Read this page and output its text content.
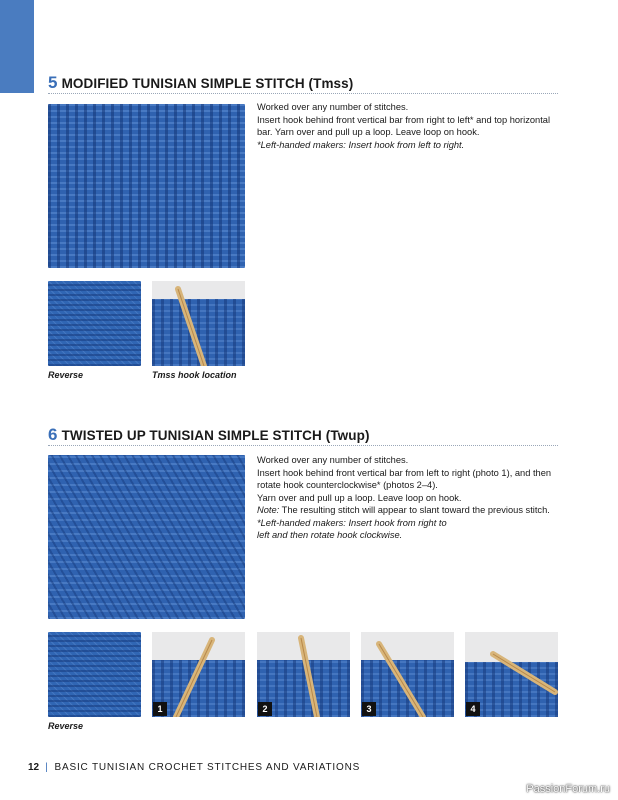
5 MODIFIED TUNISIAN SIMPLE STITCH (Tmss)

Worked over any number of stitches.

Insert hook behind front vertical bar from right to left* and top horizontal bar. Yarn over and pull up a loop. Leave loop on hook.

*Left-handed makers: Insert hook from left to right.

Reverse	Tmss hook location
6 TWISTED UP TUNISIAN SIMPLE STITCH (Twup)

Worked over any number of stitches.

Insert hook behind front vertical bar from left to right (photo 1), and then rotate hook counterclockwise* (photos 2–4).

Yarn over and pull up a loop. Leave loop on hook.

Note: The resulting stitch will appear to slant toward the previous stitch.

*Left-handed makers: Insert hook from right to left and then rotate hook clockwise.

1	2	3	4
Reverse
12 | BASIC TUNISIAN CROCHET STITCHES AND VARIATIONS
PassionForum.ru
